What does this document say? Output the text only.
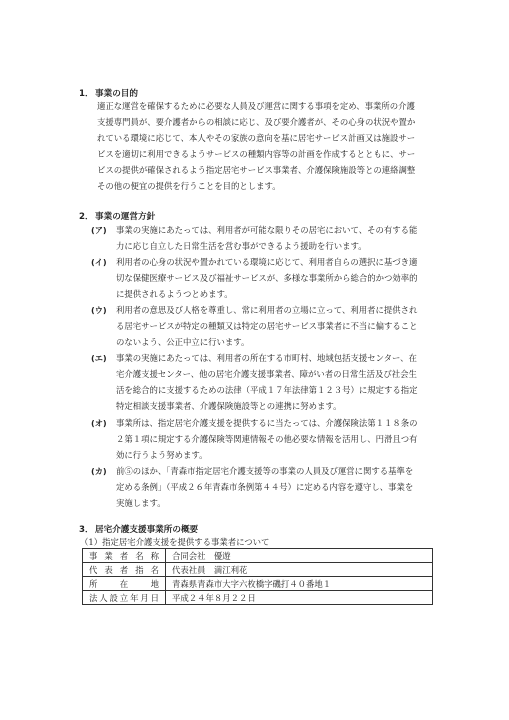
1．事業の目的
適正な運営を確保するために必要な人員及び運営に関する事項を定め、事業所の介護
支援専門員が、要介護者からの相談に応じ、及び要介護者が、その心身の状況や置か
れている環境に応じて、本人やその家族の意向を基に居宅サービス計画又は施設サー
ビスを適切に利用できるようサービスの種類内容等の計画を作成するとともに、サー
ビスの提供が確保されるよう指定居宅サービス事業者、介護保険施設等との連絡調整
その他の便宜の提供を行うことを目的とします。
2．事業の運営方針
(ア) 事業の実施にあたっては、利用者が可能な限りその居宅において、その有する能
力に応じ自立した日常生活を営む事ができるよう援助を行います。
(イ) 利用者の心身の状況や置かれている環境に応じて、利用者自らの選択に基づき適
切な保健医療サービス及び福祉サービスが、多様な事業所から総合的かつ効率的
に提供されるようつとめます。
(ウ) 利用者の意思及び人格を尊重し、常に利用者の立場に立って、利用者に提供され
る居宅サービスが特定の種類又は特定の居宅サービス事業者に不当に偏すること
のないよう、公正中立に行います。
(エ) 事業の実施にあたっては、利用者の所在する市町村、地域包括支援センター、在
宅介護支援センター、他の居宅介護支援事業者、障がい者の日常生活及び社会生
活を総合的に支援するための法律（平成１７年法律第１２３号）に規定する指定
特定相談支援事業者、介護保険施設等との連携に努めます。
(オ) 事業所は、指定居宅介護支援を提供するに当たっては、介護保険法第１１８条の
２第１項に規定する介護保険等関連情報その他必要な情報を活用し、円滑且つ有
効に行うよう努めます。
(カ) 前⑤のほか、「青森市指定居宅介護支援等の事業の人員及び運営に関する基準を
定める条例」（平成２６年青森市条例第４４号）に定める内容を遵守し、事業を
実施します。
3．居宅介護支援事業所の概要
（1）指定居宅介護支援を提供する事業者について
事業者名称	合同会社　優遊
代表者指名	代表社員　満江利花
所在地	青森県青森市大字六枚橋字磯打４０番地１
法人設立年月日	平成２４年８月２２日
